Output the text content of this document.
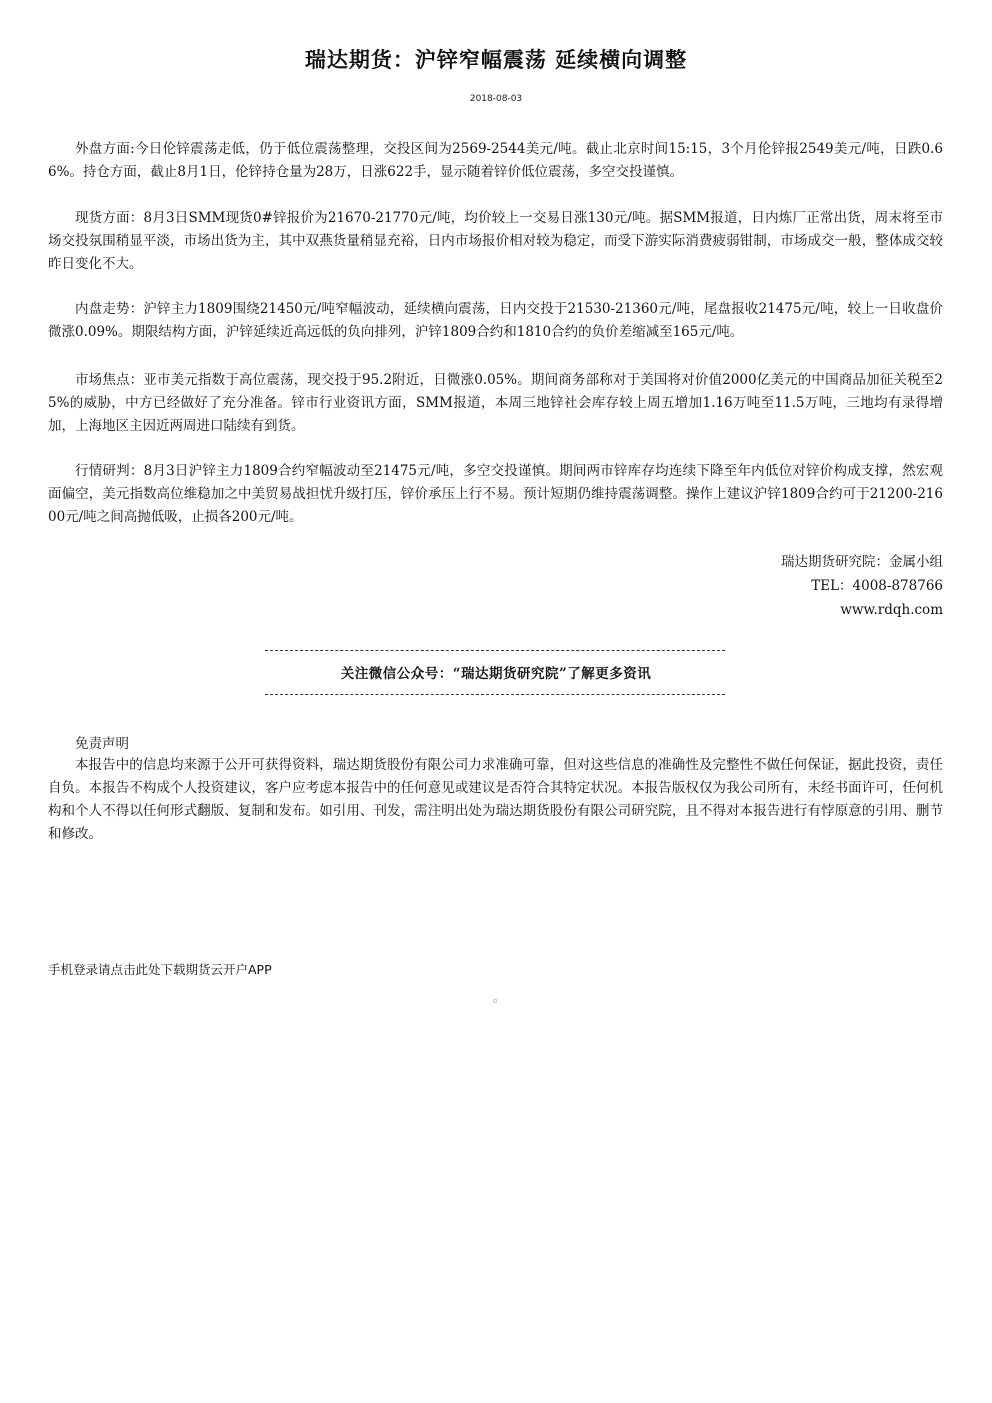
瑞达期货：沪锌窄幅震荡 延续横向调整
2018-08-03
外盘方面:今日伦锌震荡走低，仍于低位震荡整理，交投区间为2569-2544美元/吨。截止北京时间15:15，3个月伦锌报2549美元/吨，日跌0.66%。持仓方面，截止8月1日，伦锌持仓量为28万，日涨622手，显示随着锌价低位震荡，多空交投谨慎。
现货方面：8月3日SMM现货0#锌报价为21670-21770元/吨，均价较上一交易日涨130元/吨。据SMM报道，日内炼厂正常出货，周末将至市场交投氛围稍显平淡，市场出货为主，其中双燕货量稍显充裕，日内市场报价相对较为稳定，而受下游实际消费疲弱钳制，市场成交一般，整体成交较昨日变化不大。
内盘走势：沪锌主力1809围绕21450元/吨窄幅波动，延续横向震荡，日内交投于21530-21360元/吨，尾盘报收21475元/吨，较上一日收盘价微涨0.09%。期限结构方面，沪锌延续近高远低的负向排列，沪锌1809合约和1810合约的负价差缩减至165元/吨。
市场焦点：亚市美元指数于高位震荡，现交投于95.2附近，日微涨0.05%。期间商务部称对于美国将对价值2000亿美元的中国商品加征关税至25%的威胁，中方已经做好了充分准备。锌市行业资讯方面，SMM报道，本周三地锌社会库存较上周五增加1.16万吨至11.5万吨，三地均有录得增加，上海地区主因近两周进口陆续有到货。
行情研判：8月3日沪锌主力1809合约窄幅波动至21475元/吨，多空交投谨慎。期间两市锌库存均连续下降至年内低位对锌价构成支撑，然宏观面偏空，美元指数高位维稳加之中美贸易战担忧升级打压，锌价承压上行不易。预计短期仍维持震荡调整。操作上建议沪锌1809合约可于21200-21600元/吨之间高抛低吸，止损各200元/吨。
瑞达期货研究院：金属小组
TEL：4008-878766
www.rdqh.com
关注微信公众号：“瑞达期货研究院”了解更多资讯
免责声明
本报告中的信息均来源于公开可获得资料，瑞达期货股份有限公司力求准确可靠，但对这些信息的准确性及完整性不做任何保证，据此投资，责任自负。本报告不构成个人投资建议，客户应考虑本报告中的任何意见或建议是否符合其特定状况。本报告版权仅为我公司所有，未经书面许可，任何机构和个人不得以任何形式翻版、复制和发布。如引用、刊发，需注明出处为瑞达期货股份有限公司研究院，且不得对本报告进行有悖原意的引用、删节和修改。
手机登录请点击此处下载期货云开户APP
